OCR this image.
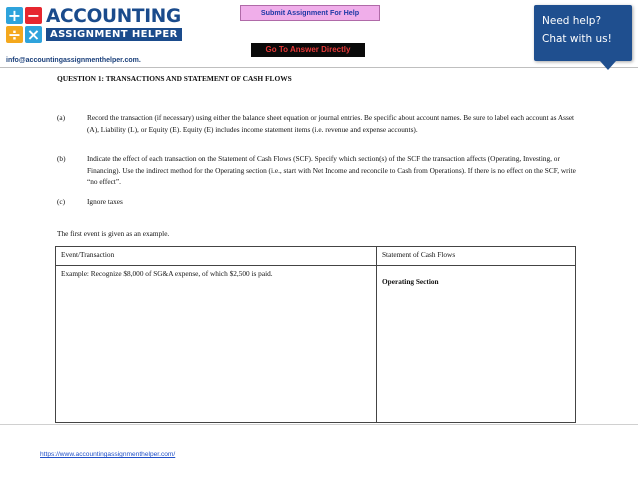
+ −
÷ ×
ACCOUNTING
ASSIGNMENT HELPER
info@accountingassignmenthelper.com.
Submit Assignment For Help
Go To Answer Directly
Need help?
Chat with us!
QUESTION 1: TRANSACTIONS AND STATEMENT OF CASH FLOWS
(a)	Record the transaction (if necessary) using either the balance sheet equation or journal entries. Be specific about account names. Be sure to label each account as Asset (A), Liability (L), or Equity (E). Equity (E) includes income statement items (i.e. revenue and expense accounts).
(b)	Indicate the effect of each transaction on the Statement of Cash Flows (SCF). Specify which section(s) of the SCF the transaction affects (Operating, Investing, or Financing). Use the indirect method for the Operating section (i.e., start with Net Income and reconcile to Cash from Operations). If there is no effect on the SCF, write “no effect”.
(c)	Ignore taxes
The first event is given as an example.
Event/Transaction	Statement of Cash Flows
Example: Recognize $8,000 of SG&A expense, of which $2,500 is paid.	Operating Section
https://www.accountingassignmenthelper.com/
